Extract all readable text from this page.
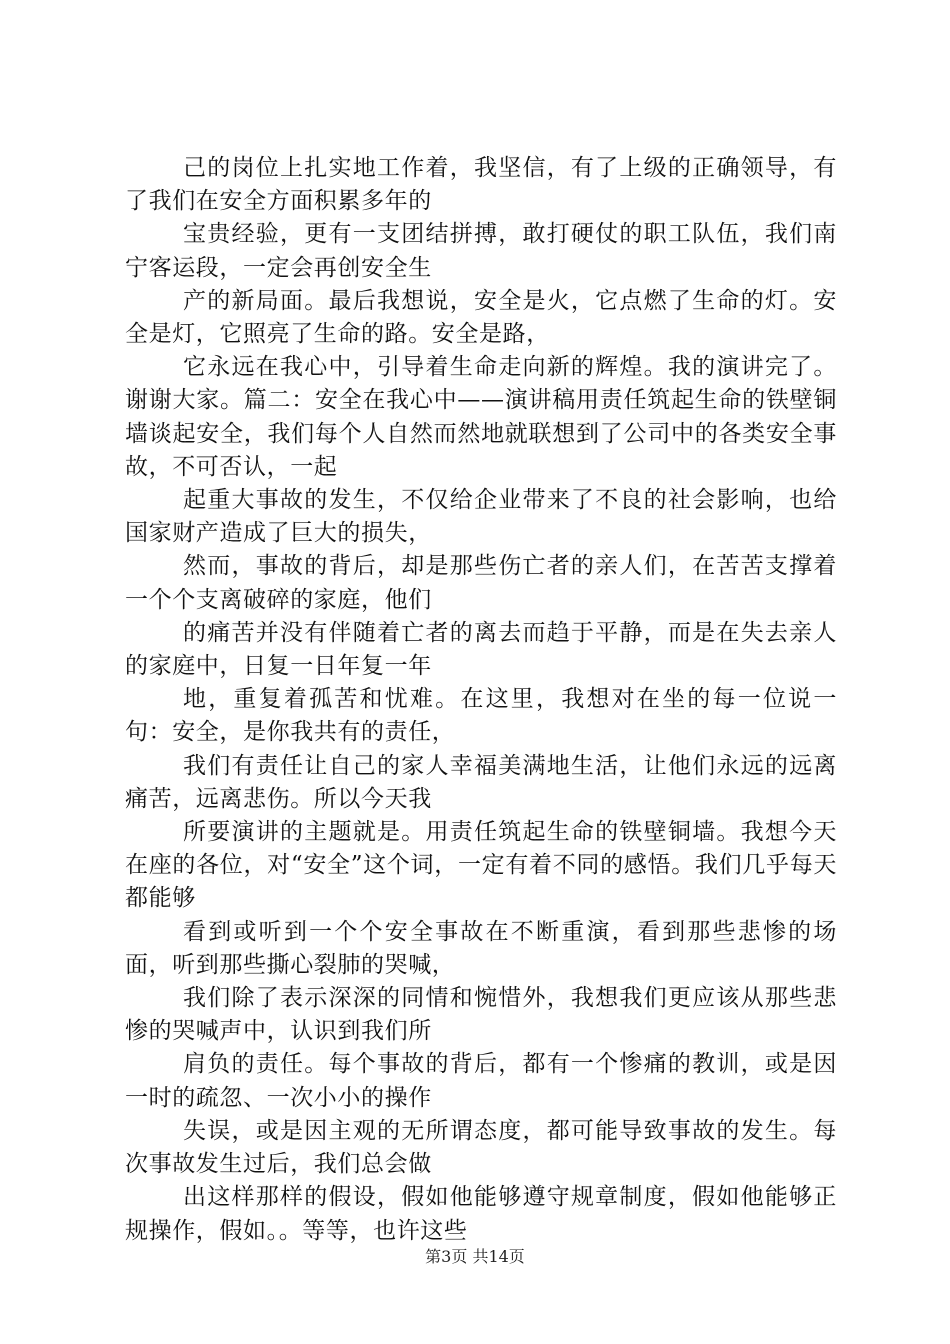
己的岗位上扎实地工作着，我坚信，有了上级的正确领导，有了我们在安全方面积累多年的

宝贵经验，更有一支团结拼搏，敢打硬仗的职工队伍，我们南宁客运段，一定会再创安全生

产的新局面。最后我想说，安全是火，它点燃了生命的灯。安全是灯，它照亮了生命的路。安全是路，

它永远在我心中，引导着生命走向新的辉煌。我的演讲完了。谢谢大家。篇二：安全在我心中——演讲稿用责任筑起生命的铁壁铜墙谈起安全，我们每个人自然而然地就联想到了公司中的各类安全事故，不可否认，一起

起重大事故的发生，不仅给企业带来了不良的社会影响，也给国家财产造成了巨大的损失，

然而，事故的背后，却是那些伤亡者的亲人们，在苦苦支撑着一个个支离破碎的家庭，他们

的痛苦并没有伴随着亡者的离去而趋于平静，而是在失去亲人的家庭中，日复一日年复一年

地，重复着孤苦和忧难。在这里，我想对在坐的每一位说一句：安全，是你我共有的责任，

我们有责任让自己的家人幸福美满地生活，让他们永远的远离痛苦，远离悲伤。所以今天我

所要演讲的主题就是。用责任筑起生命的铁壁铜墙。我想今天在座的各位，对“安全”这个词，一定有着不同的感悟。我们几乎每天都能够

看到或听到一个个安全事故在不断重演，看到那些悲惨的场面，听到那些撕心裂肺的哭喊，

我们除了表示深深的同情和惋惜外，我想我们更应该从那些悲惨的哭喊声中，认识到我们所

肩负的责任。每个事故的背后，都有一个惨痛的教训，或是因一时的疏忽、一次小小的操作

失误，或是因主观的无所谓态度，都可能导致事故的发生。每次事故发生过后，我们总会做

出这样那样的假设，假如他能够遵守规章制度，假如他能够正规操作，假如。。等等，也许这些

第3页 共14页
